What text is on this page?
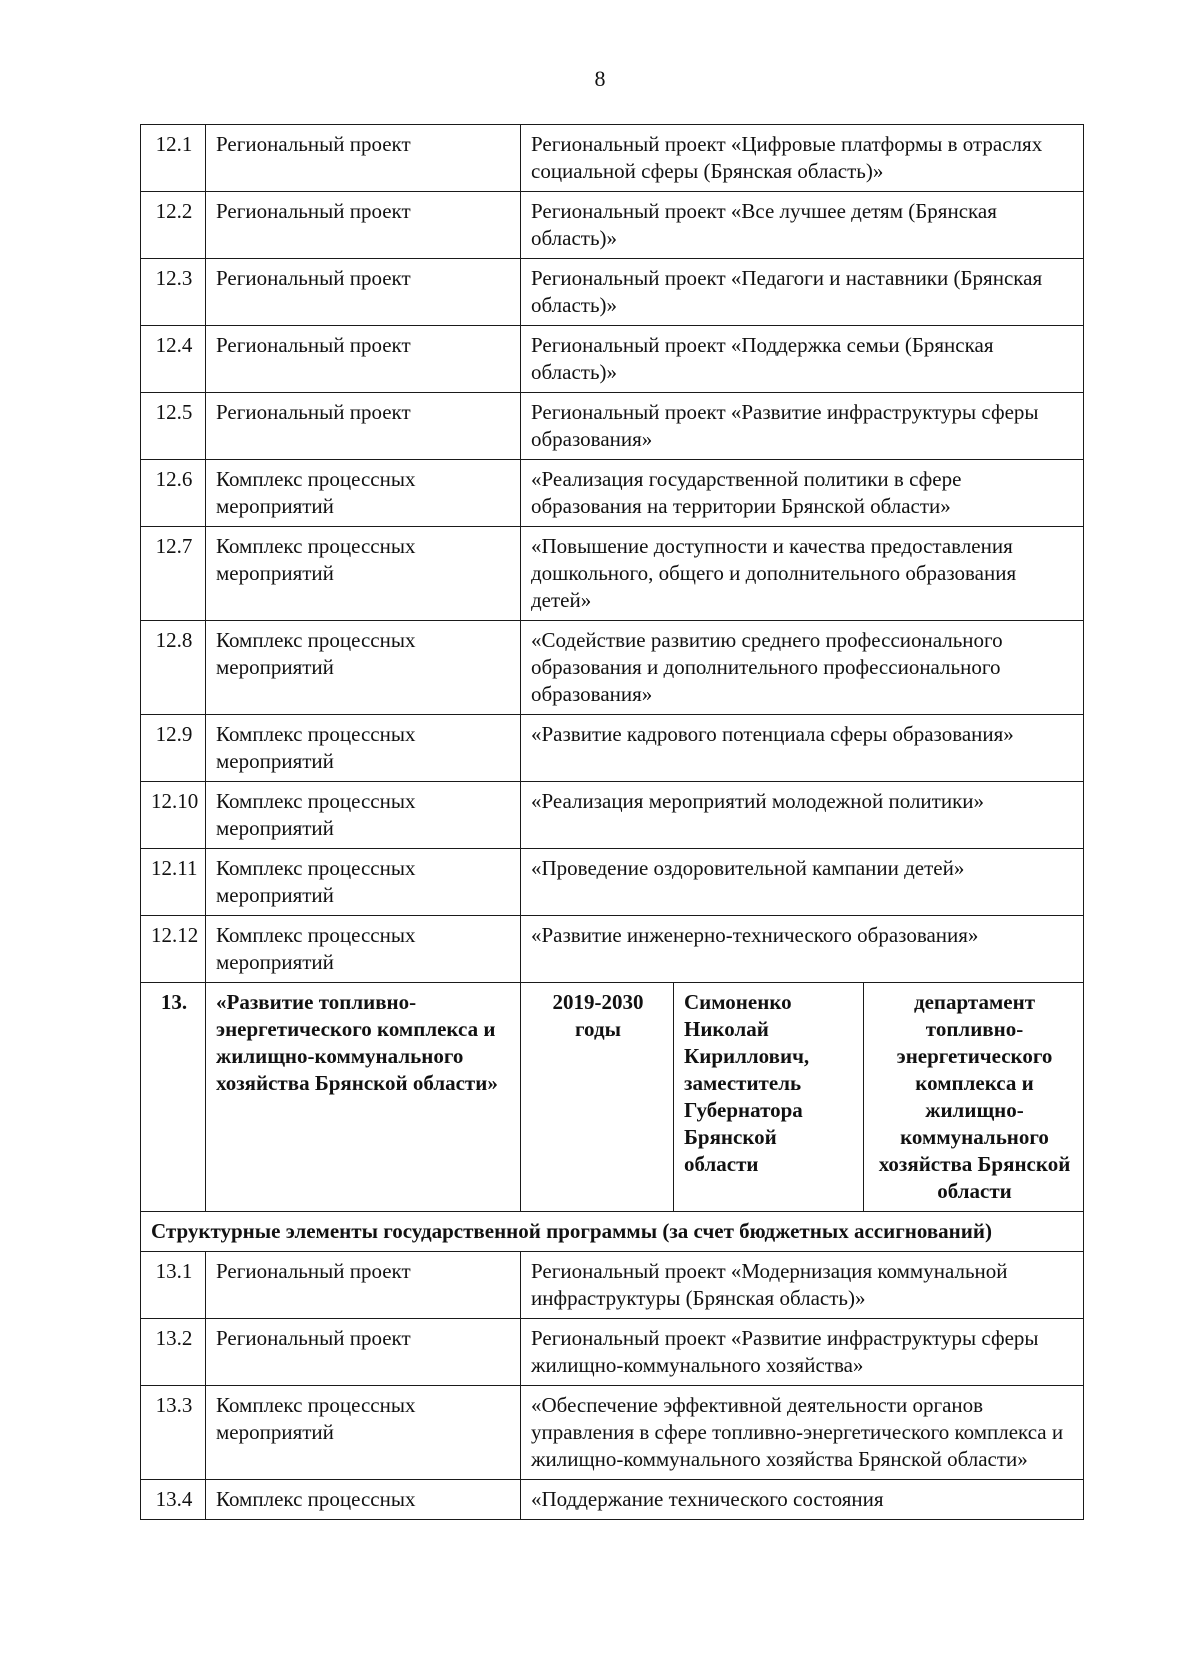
8
12.1	Региональный проект	Региональный проект «Цифровые платформы в отраслях социальной сферы (Брянская область)»		
12.2	Региональный проект	Региональный проект «Все лучшее детям (Брянская область)»		
12.3	Региональный проект	Региональный проект «Педагоги и наставники (Брянская область)»		
12.4	Региональный проект	Региональный проект «Поддержка семьи (Брянская область)»		
12.5	Региональный проект	Региональный проект «Развитие инфраструктуры сферы образования»		
12.6	Комплекс процессных мероприятий	«Реализация государственной политики в сфере образования на территории Брянской области»		
12.7	Комплекс процессных мероприятий	«Повышение доступности и качества предоставления дошкольного, общего и дополнительного образования детей»		
12.8	Комплекс процессных мероприятий	«Содействие развитию среднего профессионального образования и дополнительного профессионального образования»		
12.9	Комплекс процессных мероприятий	«Развитие кадрового потенциала сферы образования»		
12.10	Комплекс процессных мероприятий	«Реализация мероприятий молодежной политики»		
12.11	Комплекс процессных мероприятий	«Проведение оздоровительной кампании детей»		
12.12	Комплекс процессных мероприятий	«Развитие инженерно-технического образования»		
13.	«Развитие топливно-энергетического комплекса и жилищно-коммунального хозяйства Брянской области»	2019-2030 годы	Симоненко Николай Кириллович, заместитель Губернатора Брянской области	департамент топливно-энергетического комплекса и жилищно-коммунального хозяйства Брянской области
Структурные элементы государственной программы (за счет бюджетных ассигнований)				
13.1	Региональный проект	Региональный проект «Модернизация коммунальной инфраструктуры (Брянская область)»		
13.2	Региональный проект	Региональный проект «Развитие инфраструктуры сферы жилищно-коммунального хозяйства»		
13.3	Комплекс процессных мероприятий	«Обеспечение эффективной деятельности органов управления в сфере топливно-энергетического комплекса и жилищно-коммунального хозяйства Брянской области»		
13.4	Комплекс процессных	«Поддержание технического состояния		
